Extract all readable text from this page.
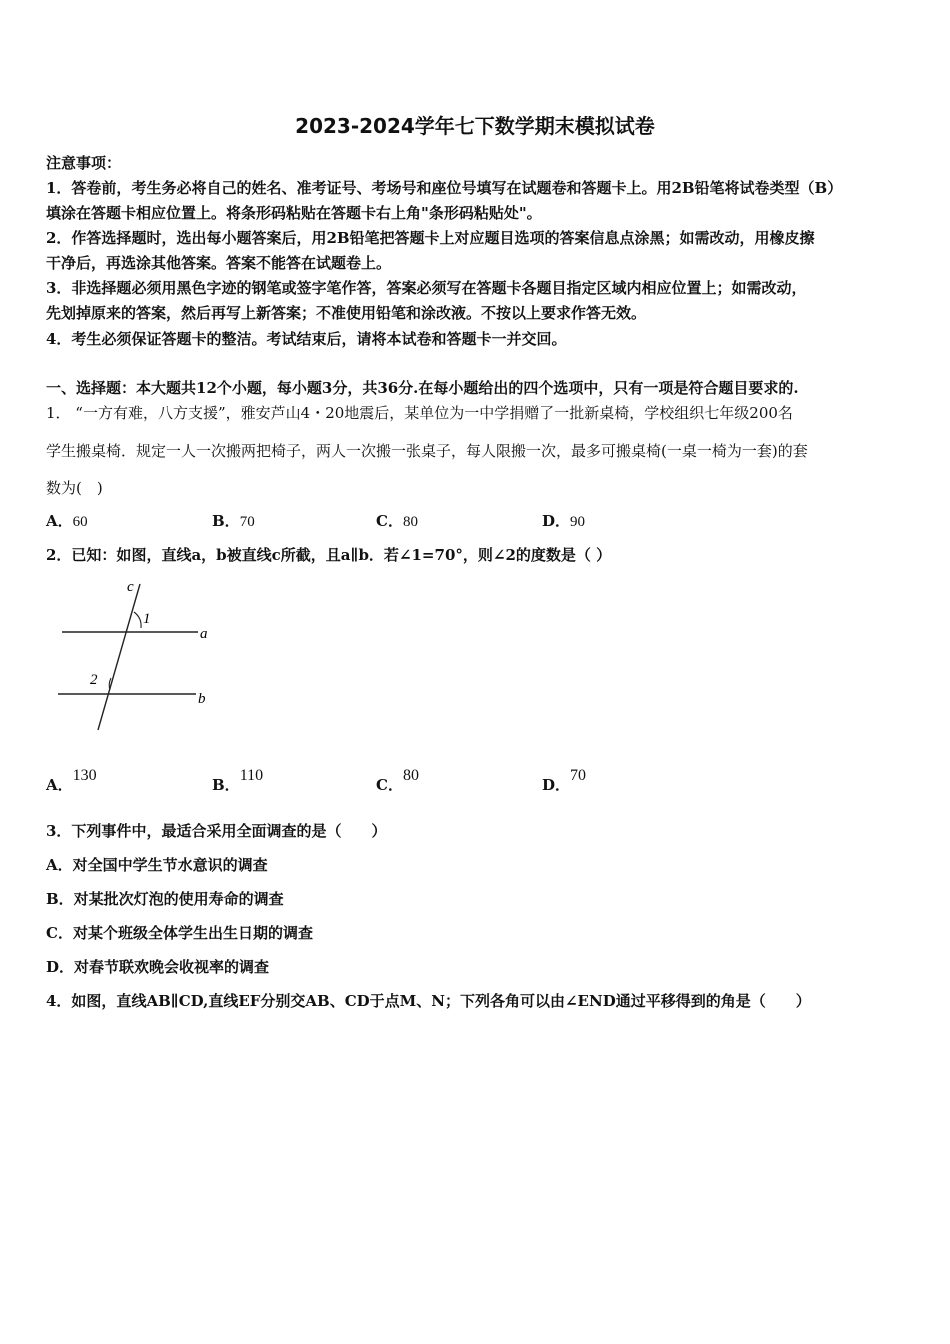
2023-2024学年七下数学期末模拟试卷
注意事项：
1．答卷前，考生务必将自己的姓名、准考证号、考场号和座位号填写在试题卷和答题卡上。用2B铅笔将试卷类型（B）
填涂在答题卡相应位置上。将条形码粘贴在答题卡右上角"条形码粘贴处"。
2．作答选择题时，选出每小题答案后，用2B铅笔把答题卡上对应题目选项的答案信息点涂黑；如需改动，用橡皮擦
干净后，再选涂其他答案。答案不能答在试题卷上。
3．非选择题必须用黑色字迹的钢笔或签字笔作答，答案必须写在答题卡各题目指定区域内相应位置上；如需改动，
先划掉原来的答案，然后再写上新答案；不准使用铅笔和涂改液。不按以上要求作答无效。
4．考生必须保证答题卡的整洁。考试结束后，请将本试卷和答题卡一并交回。
一、选择题：本大题共12个小题，每小题3分，共36分.在每小题给出的四个选项中，只有一项是符合题目要求的.
1． “一方有难，八方支援”，雅安芦山4・20地震后，某单位为一中学捐赠了一批新桌椅，学校组织七年级200名
学生搬桌椅．规定一人一次搬两把椅子，两人一次搬一张桌子，每人限搬一次，最多可搬桌椅(一桌一椅为一套)的套
数为(　)
A．60	B．70	C．80	D．90
2．已知：如图，直线a，b被直线c所截，且a∥b．若∠1=70°，则∠2的度数是（ ）
c
a
b
1
2
A．130
B．110
C．80
D．70
3．下列事件中，最适合采用全面调查的是（　　）
A．对全国中学生节水意识的调查
B．对某批次灯泡的使用寿命的调查
C．对某个班级全体学生出生日期的调查
D．对春节联欢晚会收视率的调查
4．如图，直线AB∥CD,直线EF分别交AB、CD于点M、N；下列各角可以由∠END通过平移得到的角是（　　）
